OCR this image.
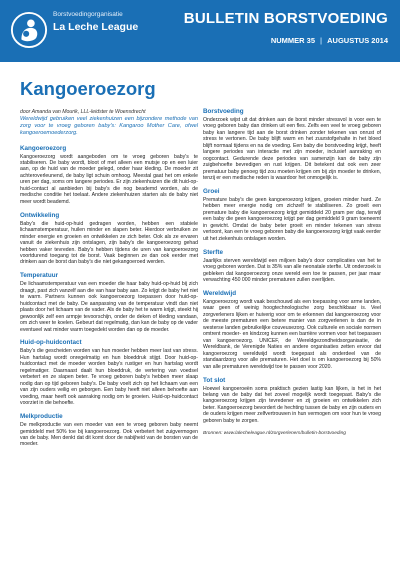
Borstvoedingorganisatie
La Leche League	BULLETIN BORSTVOEDING
NUMMER 35 | AUGUSTUS 2014
Kangoeroezorg
door Amanda van Mourik, LLL-leidster te Woensdrecht
Wereldwijd gebruiken veel ziekenhuizen een bijzondere methode van zorg voor te vroeg geboren baby's: Kangaroo Mother Care, ofwel kangoeroemoederzorg.
Kangoeroezorg

Kangoeroezorg wordt aangeboden om te vroeg geboren baby's te stabiliseren. De baby wordt, bloot of met alleen een mutsje op en een luier aan, op de huid van de moeder gelegd, onder haar kleding. De moeder zit achteroverleunend, de baby ligt schuin omhoog. Meestal gaat het om enkele uren per dag, soms om langere periodes. Er zijn ziekenhuizen die dit huid-op-huid-contact al aanbieden bij baby's die nog beademd worden, als de medische conditie het toelaat. Andere ziekenhuizen starten als de baby niet meer wordt beademd.

Ontwikkeling

Baby's die huid-op-huid gedragen worden, hebben een stabiele lichaamstemperatuur, huilen minder en slapen beter. Hierdoor verbruiken ze minder energie en groeien en ontwikkelen ze zich beter. Ook als ze ervaren vanuit de ziekenhuis zijn ontslagen, zijn baby's die kangoeroezorg gehad hebben vaker tevreden. Baby's hebben tijdens de uren van kangoeroezorg voortdurend toegang tot de borst. Vaak beginnen ze dan ook eerder met drinken aan de borst dan baby's die niet gekangoeroed werden.

Temperatuur

De lichaamstemperatuur van een moeder die haar baby huid-op-huid bij zich draagt, past zich vanzelf aan die van haar baby aan. Zo krijgt de baby het niet te warm. Partners kunnen ook kangoeroezorg toepassen door huid-op-huidcontact met de baby. De aanpassing van de temperatuur vindt dan niet plaats door het lichaam van de vader. Als de baby het te warm krijgt, steekt hij gewoonlijk zelf een armpje tevoorschijn, onder de deken of kleding vandaan, om zich weer te koelen. Gebeurt dat regelmatig, dan kan de baby op de vader eventueel wat minder warm toegedekt worden dan op de moeder.

Huid-op-huidcontact

Baby's die gescheiden worden van hun moeder hebben meer last van stress. Hun hartslag wordt onregelmatig en hun bloeddruk stijgt. Door huid-op-huidcontact met de moeder worden baby's rustiger en hun hartslag wordt regelmatiger. Daarnaast daalt hun bloeddruk, de vertering van voedsel verbetert en ze slapen beter. Te vroeg geboren baby's hebben meer slaap nodig dan op tijd geboren baby's. De baby voelt zich op het lichaam van een van zijn ouders veilig en geborgen. Een baby heeft niet alleen behoefte aan voeding, maar heeft ook aanraking nodig om te groeien. Huid-op-huidcontact voorziet in die behoefte.

Melkproductie

De melkproductie van een moeder van een te vroeg geboren baby neemt gemiddeld met 50% toe bij kangoeroezorg. Ook verbetert het zuigvermogen van de baby. Men denkt dat dit komt door de nabijheid van de borsten van de moeder.

Borstvoeding

Onderzoek wijst uit dat drinken aan de borst minder stressvol is voor een te vroeg geboren baby dan drinken uit een fles. Zelfs een veel te vroeg geboren baby kan langere tijd aan de borst drinken zonder tekenen van onrust of stress te vertonen. De baby blijft warm en het zuurstofgehalte in het bloed blijft normaal tijdens en na de voeding. Een baby die borstvoeding krijgt, heeft langere periodes van interactie met zijn moeder, inclusief aanraking en oogcontact. Gedurende deze periodes van samenzijn kan de baby zijn zuigbehoefte bevredigen en rust krijgen. Dit betekent dat ook een zeer prematuur baby genoeg tijd zou moeten krijgen om bij zijn moeder te drinken, tenzij er een medische reden is waardoor het onmogelijk is.

Groei

Premature baby's die geen kangoeroezorg krijgen, groeien minder hard. Ze hebben meer energie nodig om zichzelf te stabiliseren. Zo groeit een premature baby die kangoeroezorg krijgt gemiddeld 20 gram per dag, terwijl een baby die geen kangoeroezorg krijgt per dag gemiddeld 9 gram toeneemt in gewicht. Omdat de baby beter groeit en minder tekenen van stress vertoont, kan een te vroeg geboren baby die kangoeroezorg krijgt vaak eerder uit het ziekenhuis ontslagen worden.

Sterfte

Jaarlijks sterven wereldwijd een miljoen baby's door complicaties van het te vroeg geboren worden. Dat is 35% van alle neonatale sterfte. Uit onderzoek is gebleken dat kangoeroezorg onze wereld een toe te passen, per jaar maar verwachting 450 000 minder prematuren zullen overlijden.

Wereldwijd

Kangoeroezorg wordt vaak beschouwd als een toepassing voor arme landen, waar geen of weinig hoogtechnologische zorg beschikbaar is. Veel zorgverleners lijken er huiverig voor om te erkennen dat kangoeroezorg voor de meeste prematuren een betere manier van zorgverlenen is dan de in westerse landen gebruikelijke couveusezorg. Ook culturele en sociale normen omtrent moeder- en kindzorg kunnen een barrière vormen voor het toepassen van kangoeroezorg. UNICEF, de Wereldgezondheidsorganisatie, de Wereldbank, de Verenigde Naties en andere organisaties zetten ervoor dat kangoeroezorg wereldwijd wordt toegepast als onderdeel van de standaardzorg voor alle prematuren. Het doel is om kangoeroezorg bij 50% van alle prematuren wereldwijd toe te passen voor 2020.

Tot slot

Hoewel kangoeroeën soms praktisch gezien lastig kan lijken, is het in het belang van de baby dat het zoveel mogelijk wordt toegepast. Baby's die kangoeroezorg krijgen zijn tevredener en zij groeien en ontwikkelen zich beter. Kangoeroezorg bevordert de hechting tussen de baby en zijn ouders en de ouders krijgen meer zelfvertrouwen in hun vermogen om voor hun te vroeg geboren baby te zorgen.

Bronnen: www.lalecheleague.nl/zorgverleners/bulletin-borstvoeding
